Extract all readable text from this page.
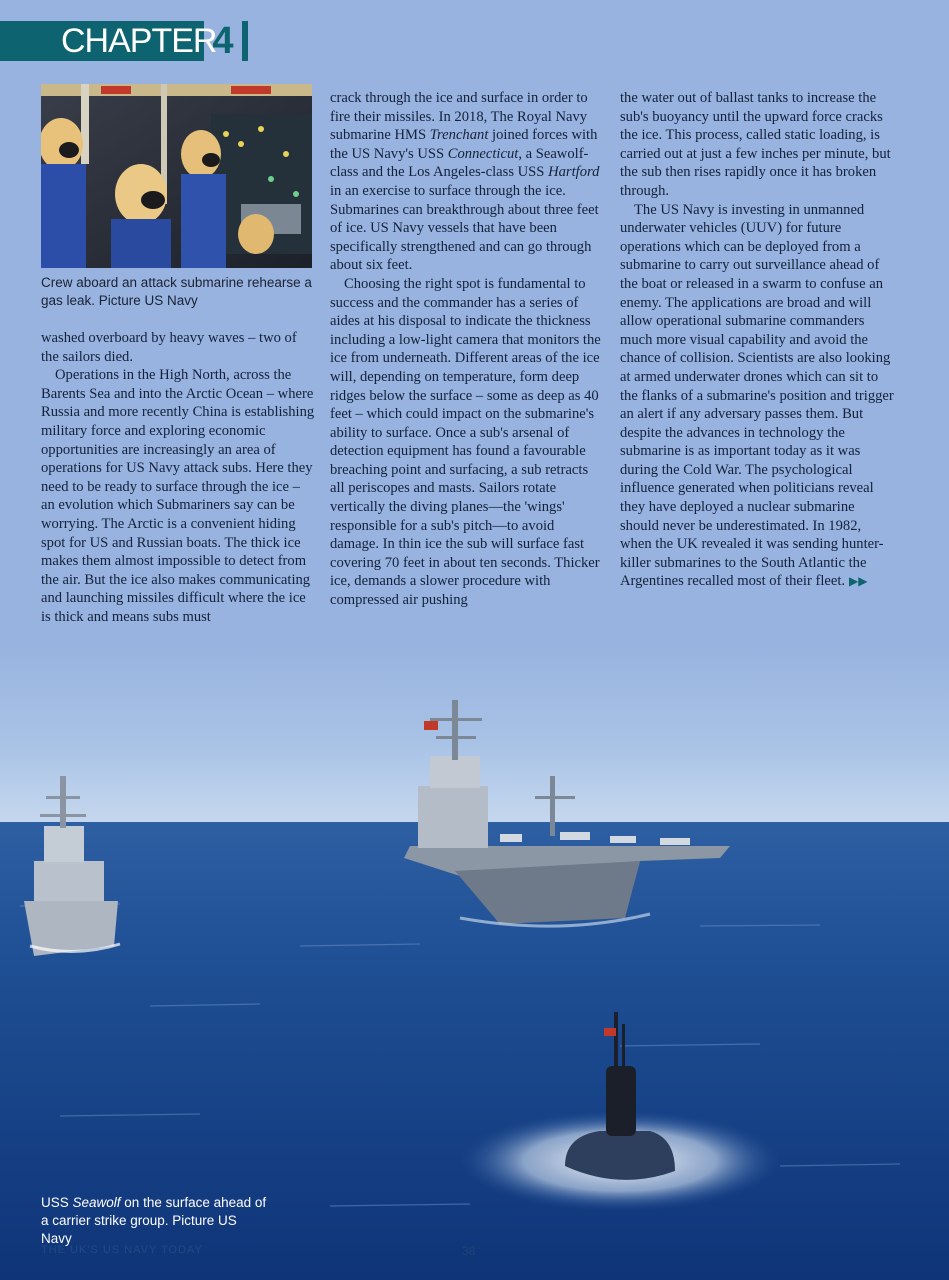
CHAPTER
4
Crew aboard an attack submarine rehearse a gas leak. Picture US Navy

washed overboard by heavy waves – two of the sailors died.

Operations in the High North, across the Barents Sea and into the Arctic Ocean – where Russia and more recently China is establishing military force and exploring economic opportunities are increasingly an area of operations for US Navy attack subs. Here they need to be ready to surface through the ice – an evolution which Submariners say can be worrying. The Arctic is a convenient hiding spot for US and Russian boats. The thick ice makes them almost impossible to detect from the air. But the ice also makes communicating and launching missiles difficult where the ice is thick and means subs must

crack through the ice and surface in order to fire their missiles. In 2018, The Royal Navy submarine HMS Trenchant joined forces with the US Navy's USS Connecticut, a Seawolf-class and the Los Angeles-class USS Hartford in an exercise to surface through the ice. Submarines can breakthrough about three feet of ice. US Navy vessels that have been specifically strengthened and can go through about six feet.

Choosing the right spot is fundamental to success and the commander has a series of aides at his disposal to indicate the thickness including a low-light camera that monitors the ice from underneath. Different areas of the ice will, depending on temperature, form deep ridges below the surface – some as deep as 40 feet – which could impact on the submarine's ability to surface. Once a sub's arsenal of detection equipment has found a favourable breaching point and surfacing, a sub retracts all periscopes and masts. Sailors rotate vertically the diving planes—the 'wings' responsible for a sub's pitch—to avoid damage. In thin ice the sub will surface fast covering 70 feet in about ten seconds. Thicker ice, demands a slower procedure with compressed air pushing

the water out of ballast tanks to increase the sub's buoyancy until the upward force cracks the ice. This process, called static loading, is carried out at just a few inches per minute, but the sub then rises rapidly once it has broken through.

The US Navy is investing in unmanned underwater vehicles (UUV) for future operations which can be deployed from a submarine to carry out surveillance ahead of the boat or released in a swarm to confuse an enemy. The applications are broad and will allow operational submarine commanders much more visual capability and avoid the chance of collision. Scientists are also looking at armed underwater drones which can sit to the flanks of a submarine's position and trigger an alert if any adversary passes them. But despite the advances in technology the submarine is as important today as it was during the Cold War. The psychological influence generated when politicians reveal they have deployed a nuclear submarine should never be underestimated. In 1982, when the UK revealed it was sending hunter-killer submarines to the South Atlantic the Argentines recalled most of their fleet. ▶▶

USS Seawolf on the surface ahead of a carrier strike group. Picture US Navy
THE UK'S US NAVY TODAY	38
